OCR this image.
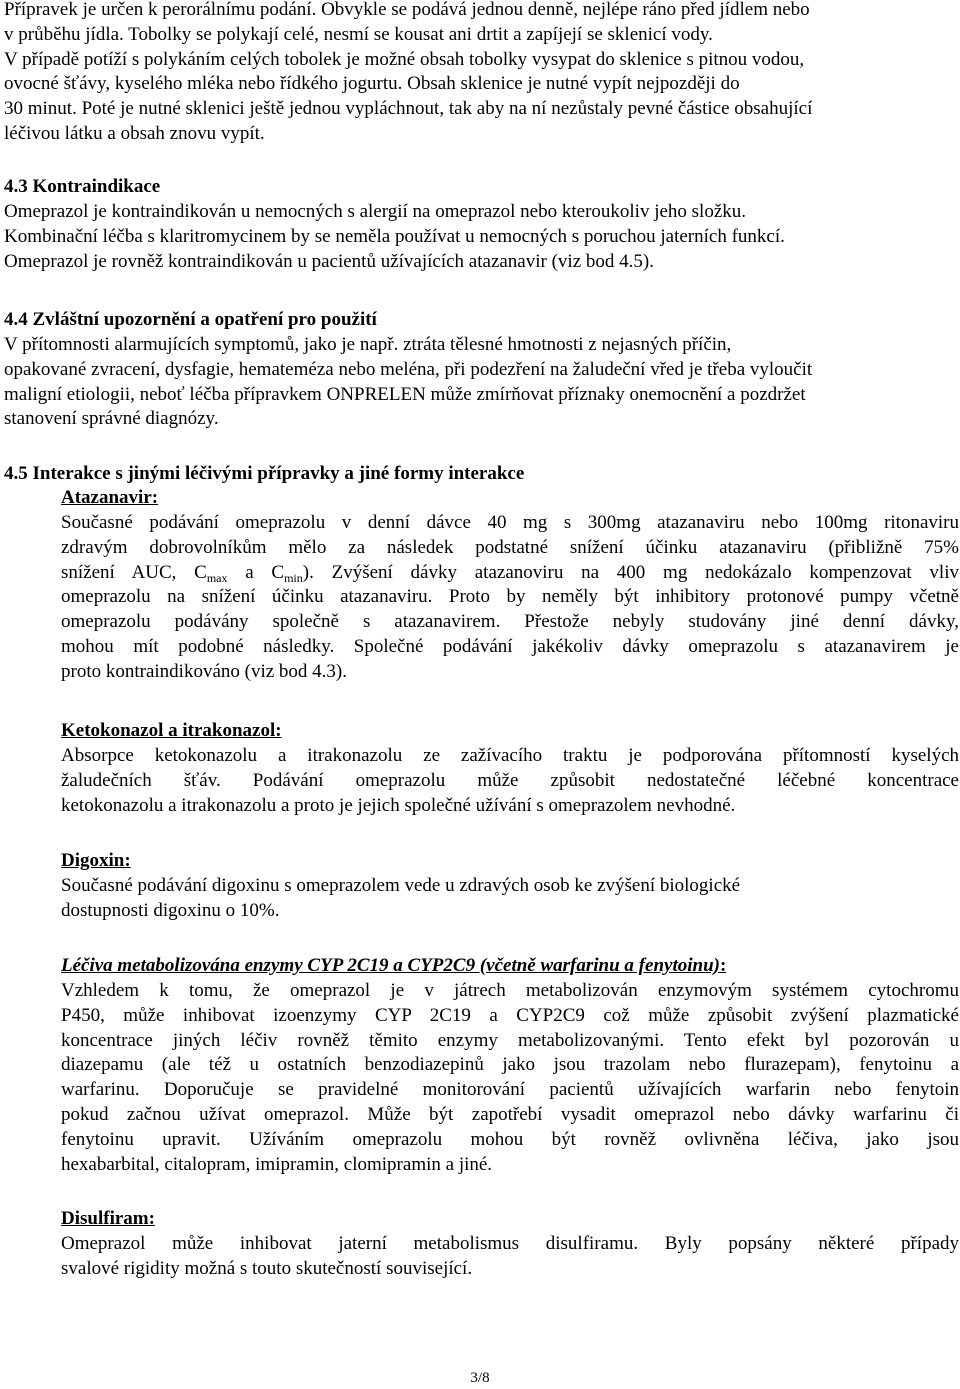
Přípravek je určen k perorálnímu podání. Obvykle se podává jednou denně, nejlépe ráno před jídlem nebo
v průběhu jídla. Tobolky se polykají celé, nesmí se kousat ani drtit a zapíjejí se sklenicí vody.
V případě potíží s polykáním celých tobolek je možné obsah tobolky vysypat do sklenice s pitnou vodou,
ovocné šťávy, kyselého mléka nebo řídkého jogurtu. Obsah sklenice je nutné vypít nejpozději do
30 minut. Poté je nutné sklenici ještě jednou vypláchnout, tak aby na ní nezůstaly pevné částice obsahující
léčivou látku a obsah znovu vypít.
4.3 Kontraindikace
Omeprazol je kontraindikován u nemocných s alergií na omeprazol nebo kteroukoliv jeho složku.
Kombinační léčba s klaritromycinem by se neměla používat u nemocných s poruchou jaterních funkcí.
Omeprazol je rovněž kontraindikován u pacientů užívajících atazanavir (viz bod 4.5).
4.4 Zvláštní upozornění a opatření pro použití
V přítomnosti alarmujících symptomů, jako je např. ztráta tělesné hmotnosti z nejasných příčin,
opakované zvracení, dysfagie, hemateméza nebo meléna, při podezření na žaludeční vřed je třeba vyloučit
maligní etiologii, neboť léčba přípravkem ONPRELEN může zmírňovat příznaky onemocnění a pozdržet
stanovení správné diagnózy.
4.5 Interakce s jinými léčivými přípravky a jiné formy interakce
Atazanavir:
Současné podávání omeprazolu v denní dávce 40 mg s 300mg atazanaviru nebo 100mg ritonaviru
zdravým dobrovolníkům mělo za následek podstatné snížení účinku atazanaviru (přibližně 75%
snížení AUC, $C_{max}$ a $C_{min}$). Zvýšení dávky atazanoviru na 400 mg nedokázalo kompenzovat vliv
omeprazolu na snížení účinku atazanaviru. Proto by neměly být inhibitory protonové pumpy včetně
omeprazolu podávány společně s atazanavirem. Přestože nebyly studovány jiné denní dávky,
mohou mít podobné následky. Společné podávání jakékoliv dávky omeprazolu s atazanavirem je
proto kontraindikováno (viz bod 4.3).
Ketokonazol a itrakonazol:
Absorpce ketokonazolu a itrakonazolu ze zažívacího traktu je podporována přítomností kyselých
žaludečních šťáv. Podávání omeprazolu může způsobit nedostatečné léčebné koncentrace
ketokonazolu a itrakonazolu a proto je jejich společné užívání s omeprazolem nevhodné.
Digoxin:
Současné podávání digoxinu s omeprazolem vede u zdravých osob ke zvýšení biologické
dostupnosti digoxinu o 10%.
Léčiva metabolizována enzymy CYP 2C19 a CYP2C9 (včetně warfarinu a fenytoinu):
Vzhledem k tomu, že omeprazol je v játrech metabolizován enzymovým systémem cytochromu
P450, může inhibovat izoenzymy CYP 2C19 a CYP2C9 což může způsobit zvýšení plazmatické
koncentrace jiných léčiv rovněž těmito enzymy metabolizovanými. Tento efekt byl pozorován u
diazepamu (ale též u ostatních benzodiazepinů jako jsou trazolam nebo flurazepam), fenytoinu a
warfarinu. Doporučuje se pravidelné monitorování pacientů užívajících warfarin nebo fenytoin
pokud začnou užívat omeprazol. Může být zapotřebí vysadit omeprazol nebo dávky warfarinu či
fenytoinu upravit. Užíváním omeprazolu mohou být rovněž ovlivněna léčiva, jako jsou
hexabarbital, citalopram, imipramin, clomipramin a jiné.
Disulfiram:
Omeprazol může inhibovat jaterní metabolismus disulfiramu. Byly popsány některé případy
svalové rigidity možná s touto skutečností související.
3/8
